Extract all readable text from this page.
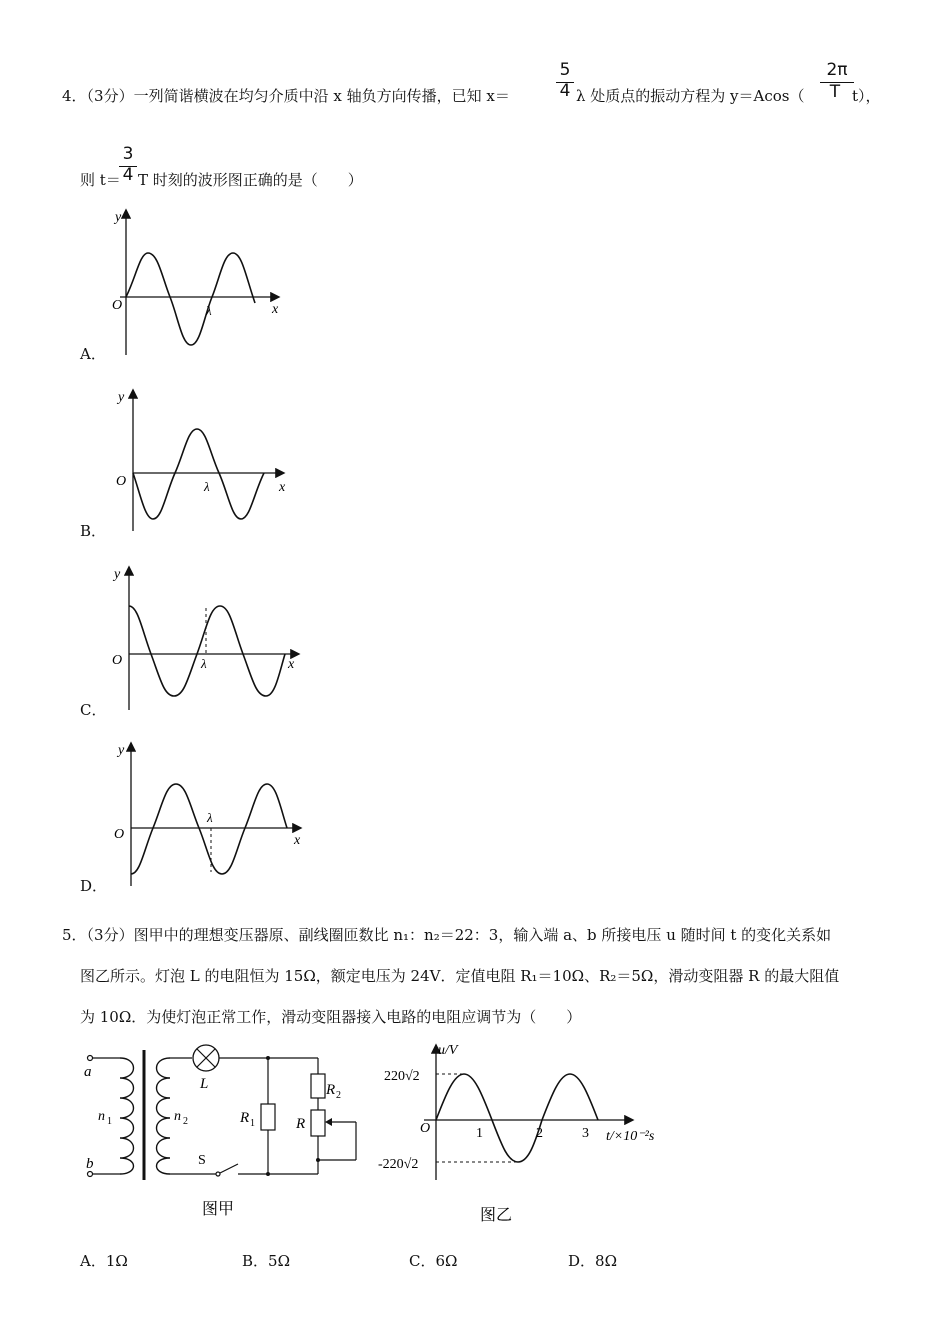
4．（3分）一列简谐横波在均匀介质中沿 x 轴负方向传播，已知 x＝
5
4 λ 处质点的振动方程为 y＝Acos（
2π
T t），
则 t＝
3
4 T 时刻的波形图正确的是（　　）
y
O	λ	x
A．
y
O	λ	x
B．
y
O	λ	x
C．
y
O
λ
x
D．
5．（3分）图甲中的理想变压器原、副线圈匝数比 n₁：n₂＝22：3，输入端 a、b 所接电压 u 随时间 t 的变化关系如
图乙所示。灯泡 L 的电阻恒为 15Ω，额定电压为 24V．定值电阻 R₁＝10Ω、R₂＝5Ω，滑动变阻器 R 的最大阻值
为 10Ω．为使灯泡正常工作，滑动变阻器接入电路的电阻应调节为（　　）
a
b
n 1	n 2
L
R 1
R 2
R
S
图甲
u/V
220√2
-220√2
O	1	2	3 t/×10⁻²s
图乙
A．1Ω	B．5Ω	C．6Ω	D．8Ω
